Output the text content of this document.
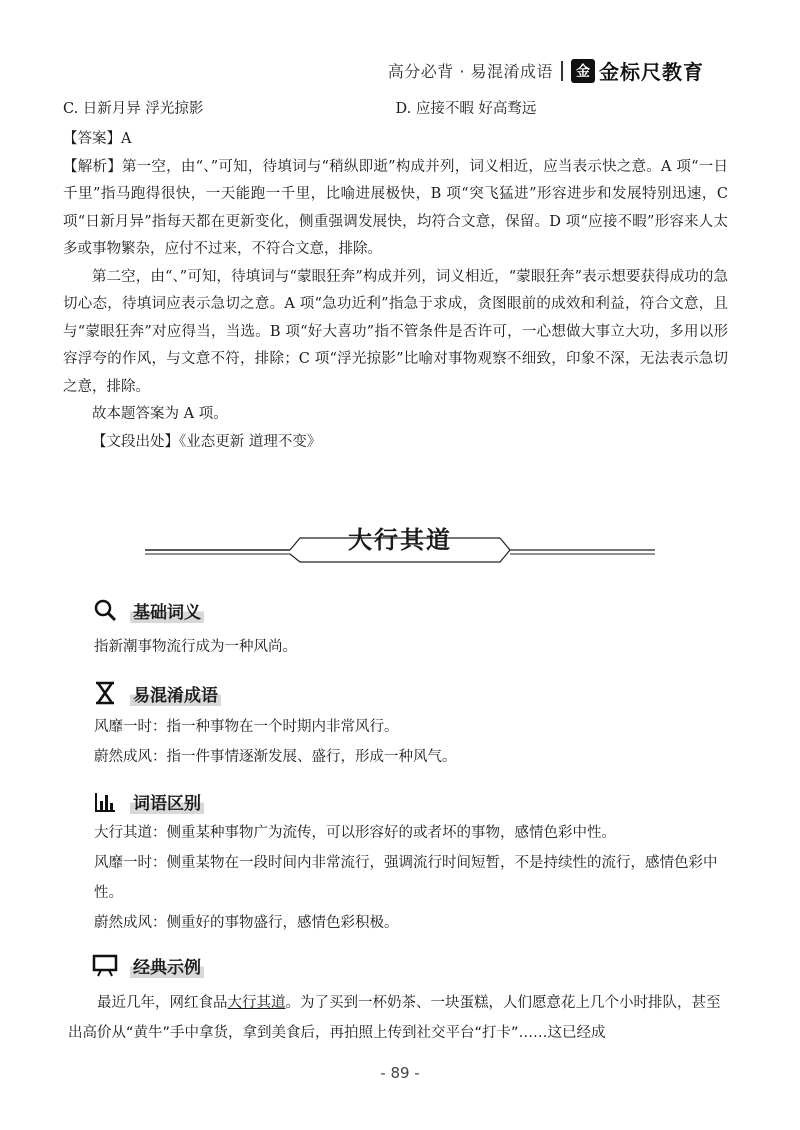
高分必背 · 易混淆成语	金 金标尺教育
C. 日新月异 浮光掠影	D. 应接不暇 好高骛远

【答案】A

【解析】第一空，由“、”可知，待填词与“稍纵即逝”构成并列，词义相近，应当表示快之意。A 项“一日千里”指马跑得很快，一天能跑一千里，比喻进展极快，B 项“突飞猛进”形容进步和发展特别迅速，C 项“日新月异”指每天都在更新变化，侧重强调发展快，均符合文意，保留。D 项“应接不暇”形容来人太多或事物繁杂，应付不过来，不符合文意，排除。

第二空，由“、”可知，待填词与“蒙眼狂奔”构成并列，词义相近，“蒙眼狂奔”表示想要获得成功的急切心态，待填词应表示急切之意。A 项“急功近利”指急于求成，贪图眼前的成效和利益，符合文意，且与“蒙眼狂奔”对应得当，当选。B 项“好大喜功”指不管条件是否许可，一心想做大事立大功，多用以形容浮夸的作风，与文意不符，排除；C 项“浮光掠影”比喻对事物观察不细致，印象不深，无法表示急切之意，排除。

故本题答案为 A 项。

【文段出处】《业态更新 道理不变》

大行其道
基础词义

指新潮事物流行成为一种风尚。

易混淆成语

风靡一时：指一种事物在一个时期内非常风行。

蔚然成风：指一件事情逐渐发展、盛行，形成一种风气。

词语区别

大行其道：侧重某种事物广为流传，可以形容好的或者坏的事物，感情色彩中性。

风靡一时：侧重某物在一段时间内非常流行，强调流行时间短暂，不是持续性的流行，感情色彩中性。

蔚然成风：侧重好的事物盛行，感情色彩积极。

经典示例

最近几年，网红食品大行其道。为了买到一杯奶茶、一块蛋糕，人们愿意花上几个小时排队，甚至出高价从“黄牛”手中拿货，拿到美食后，再拍照上传到社交平台“打卡”……这已经成

- 89 -
